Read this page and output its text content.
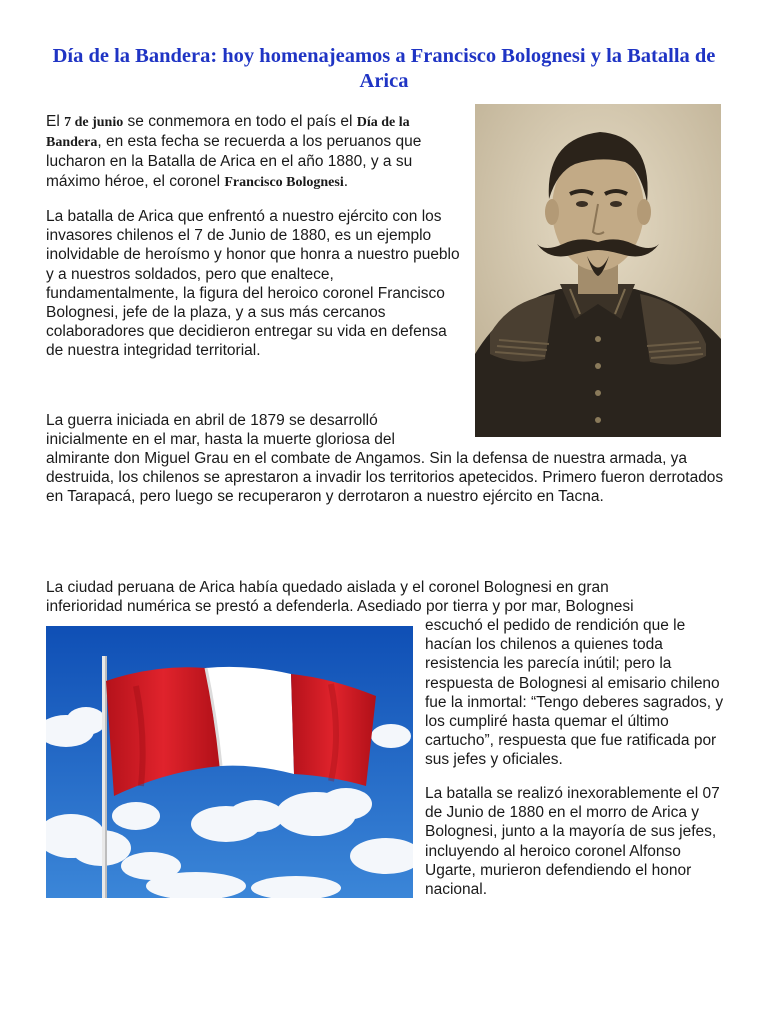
Día de la Bandera: hoy homenajeamos a Francisco Bolognesi y la Batalla de Arica

El 7 de junio se conmemora en todo el país el Día de la Bandera, en esta fecha se recuerda a los peruanos que lucharon en la Batalla de Arica en el año 1880, y a su máximo héroe, el coronel Francisco Bolognesi.

La batalla de Arica que enfrentó a nuestro ejército con los invasores chilenos el 7 de Junio de 1880, es un ejemplo inolvidable de heroísmo y honor que honra a nuestro pueblo y a nuestros soldados, pero que enaltece, fundamentalmente, la figura del heroico coronel Francisco Bolognesi, jefe de la plaza, y a sus más cercanos colaboradores que decidieron entregar su vida en defensa de nuestra integridad territorial.

La guerra iniciada en abril de 1879 se desarrolló inicialmente en el mar, hasta la muerte gloriosa del

almirante don Miguel Grau en el combate de Angamos. Sin la defensa de nuestra armada, ya destruida, los chilenos se aprestaron a invadir los territorios apetecidos. Primero fueron derrotados en Tarapacá, pero luego se recuperaron y derrotaron a nuestro ejército en Tacna.

La ciudad peruana de Arica había quedado aislada y el coronel Bolognesi en gran inferioridad numérica se prestó a defenderla. Asediado por tierra y por mar, Bolognesi

escuchó el pedido de rendición que le hacían los chilenos a quienes toda resistencia les parecía inútil; pero la respuesta de Bolognesi al emisario chileno fue la inmortal: “Tengo deberes sagrados, y los cumpliré hasta quemar el último cartucho”, respuesta que fue ratificada por sus jefes y oficiales.

La batalla se realizó inexorablemente el 07 de Junio de 1880 en el morro de Arica y Bolognesi, junto a la mayoría de sus jefes, incluyendo al heroico coronel Alfonso Ugarte, murieron defendiendo el honor nacional.
